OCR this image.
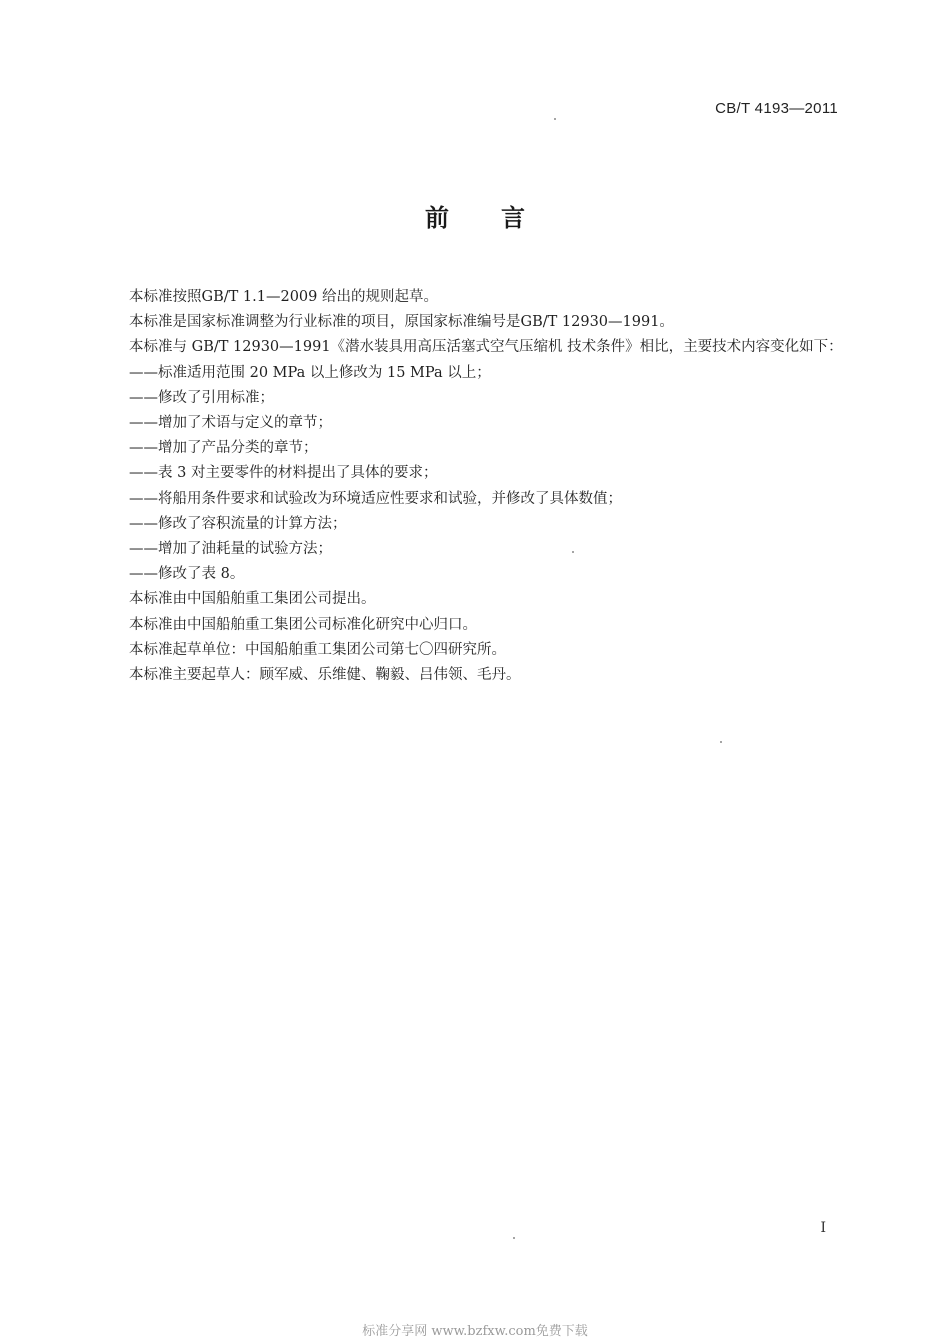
CB/T 4193—2011
前言

本标准按照GB/T 1.1—2009 给出的规则起草。

本标准是国家标准调整为行业标准的项目，原国家标准编号是GB/T 12930—1991。

本标准与 GB/T 12930—1991《潜水装具用高压活塞式空气压缩机 技术条件》相比，主要技术内容变化如下：

——标准适用范围 20 MPa 以上修改为 15 MPa 以上；

——修改了引用标准；

——增加了术语与定义的章节；

——增加了产品分类的章节；

——表 3 对主要零件的材料提出了具体的要求；

——将船用条件要求和试验改为环境适应性要求和试验，并修改了具体数值；

——修改了容积流量的计算方法；

——增加了油耗量的试验方法；

——修改了表 8。

本标准由中国船舶重工集团公司提出。

本标准由中国船舶重工集团公司标准化研究中心归口。

本标准起草单位：中国船舶重工集团公司第七〇四研究所。

本标准主要起草人：顾军威、乐维健、鞠毅、吕伟领、毛丹。

I
标准分享网 www.bzfxw.com免费下载
